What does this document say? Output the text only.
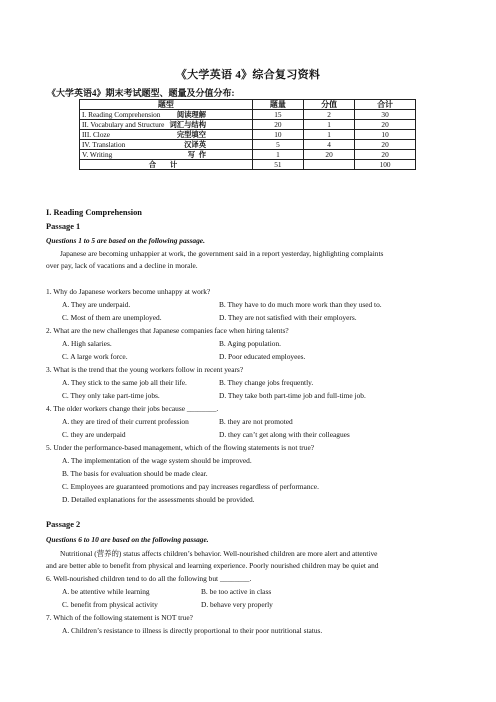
《大学英语 4》综合复习资料
《大学英语4》期末考试题型、题量及分值分布:
题型	题量	分值	合计
I. Reading Comprehension 阅读理解	15	2	30
II. Vocabulary and Structure 词汇与结构	20	1	20
III. Cloze 完型填空	10	1	10
IV. Translation 汉译英	5	4	20
V. Writing 写  作	1	20	20
合 计	51		100
I. Reading Comprehension
Passage 1
Questions 1 to 5 are based on the following passage.
Japanese are becoming unhappier at work, the government said in a report yesterday, highlighting complaints
over pay, lack of vacations and a decline in morale.
1. Why do Japanese workers become unhappy at work?
A. They are underpaid.	B. They have to do much more work than they used to.
C. Most of them are unemployed.	D. They are not satisfied with their employers.
2. What are the new challenges that Japanese companies face when hiring talents?
A. High salaries.	B. Aging population.
C. A large work force.	D. Poor educated employees.
3. What is the trend that the young workers follow in recent years?
A. They stick to the same job all their life.	B. They change jobs frequently.
C. They only take part-time jobs.	D. They take both part-time job and full-time job.
4. The older workers change their jobs because ________.
A. they are tired of their current profession	B. they are not promoted
C. they are underpaid	D. they can’t get along with their colleagues
5. Under the performance-based management, which of the flowing statements is not true?
A. The implementation of the wage system should be improved.
B. The basis for evaluation should be made clear.
C. Employees are guaranteed promotions and pay increases regardless of performance.
D. Detailed explanations for the assessments should be provided.
Passage 2
Questions 6 to 10 are based on the following passage.
Nutritional (营养的) status affects children’s behavior. Well-nourished children are more alert and attentive
and are better able to benefit from physical and learning experience. Poorly nourished children may be quiet and
6. Well-nourished children tend to do all the following but ________.
A. be attentive while learning	B. be too active in class
C. benefit from physical activity	D. behave very properly
7. Which of the following statement is NOT true?
A. Children’s resistance to illness is directly proportional to their poor nutritional status.
